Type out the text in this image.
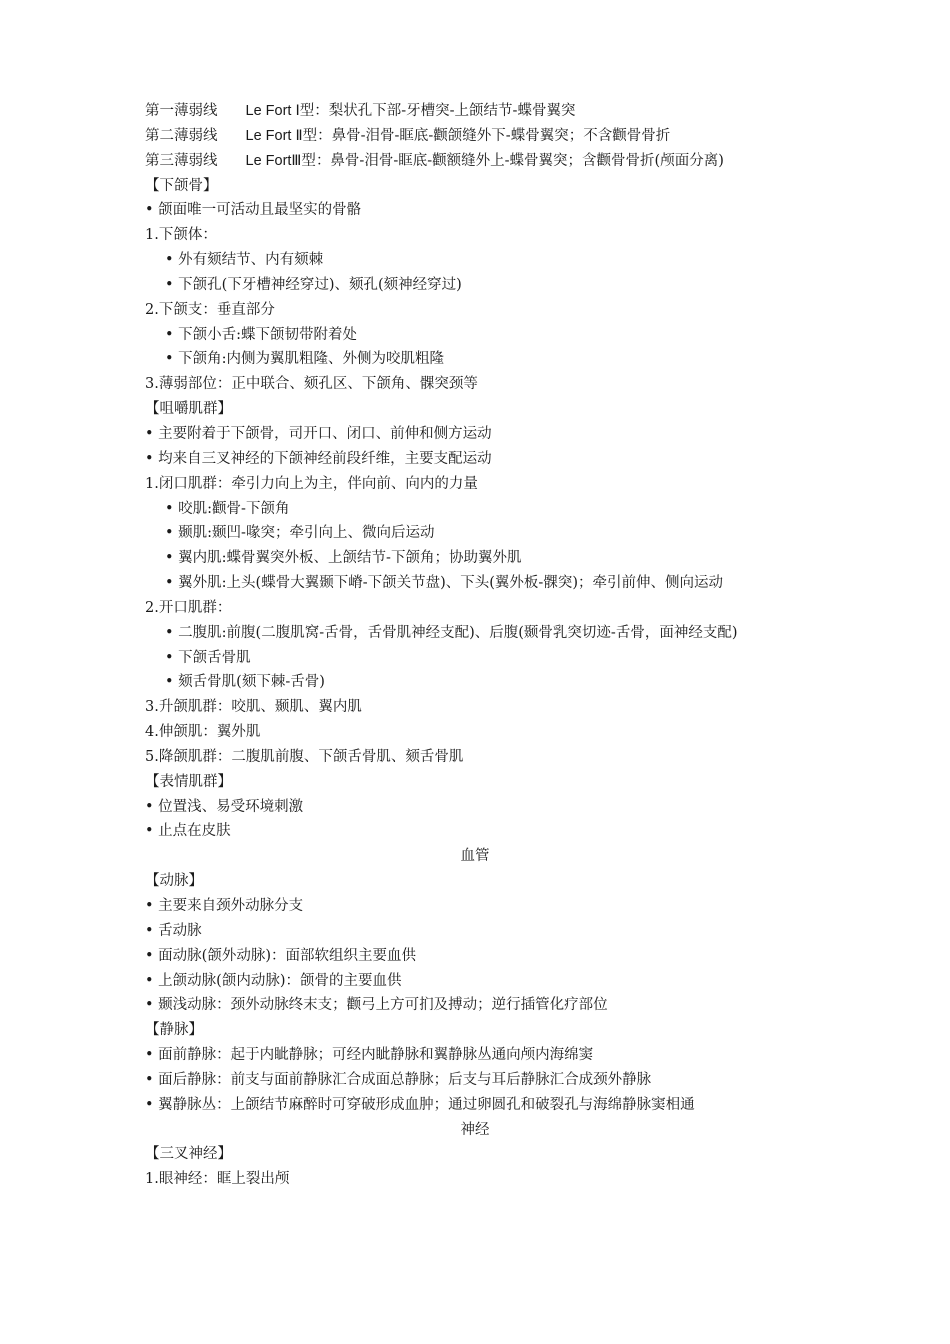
第一薄弱线 Le Fort Ⅰ型：梨状孔下部-牙槽突-上颌结节-蝶骨翼突
第二薄弱线 Le Fort Ⅱ型：鼻骨-泪骨-眶底-颧颌缝外下-蝶骨翼突；不含颧骨骨折
第三薄弱线 Le FortⅢ型：鼻骨-泪骨-眶底-颧额缝外上-蝶骨翼突；含颧骨骨折(颅面分离)
【下颌骨】
• 颌面唯一可活动且最坚实的骨骼
1.下颌体：
• 外有颏结节、内有颏棘
• 下颌孔(下牙槽神经穿过)、颏孔(颏神经穿过)
2.下颌支：垂直部分
• 下颌小舌:蝶下颌韧带附着处
• 下颌角:内侧为翼肌粗隆、外侧为咬肌粗隆
3.薄弱部位：正中联合、颏孔区、下颌角、髁突颈等
【咀嚼肌群】
• 主要附着于下颌骨，司开口、闭口、前伸和侧方运动
• 均来自三叉神经的下颌神经前段纤维，主要支配运动
1.闭口肌群：牵引力向上为主，伴向前、向内的力量
• 咬肌:颧骨-下颌角
• 颞肌:颞凹-喙突；牵引向上、微向后运动
• 翼内肌:蝶骨翼突外板、上颌结节-下颌角；协助翼外肌
• 翼外肌:上头(蝶骨大翼颞下嵴-下颌关节盘)、下头(翼外板-髁突)；牵引前伸、侧向运动
2.开口肌群：
• 二腹肌:前腹(二腹肌窝-舌骨，舌骨肌神经支配)、后腹(颞骨乳突切迹-舌骨，面神经支配)
• 下颌舌骨肌
• 颏舌骨肌(颏下棘-舌骨)
3.升颌肌群：咬肌、颞肌、翼内肌
4.伸颌肌：翼外肌
5.降颌肌群：二腹肌前腹、下颌舌骨肌、颏舌骨肌
【表情肌群】
• 位置浅、易受环境刺激
• 止点在皮肤
血管
【动脉】
• 主要来自颈外动脉分支
• 舌动脉
• 面动脉(颌外动脉)：面部软组织主要血供
• 上颌动脉(颌内动脉)：颌骨的主要血供
• 颞浅动脉：颈外动脉终末支；颧弓上方可扪及搏动；逆行插管化疗部位
【静脉】
• 面前静脉：起于内眦静脉；可经内眦静脉和翼静脉丛通向颅内海绵窦
• 面后静脉：前支与面前静脉汇合成面总静脉；后支与耳后静脉汇合成颈外静脉
• 翼静脉丛：上颌结节麻醉时可穿破形成血肿；通过卵圆孔和破裂孔与海绵静脉窦相通
神经
【三叉神经】
1.眼神经：眶上裂出颅
